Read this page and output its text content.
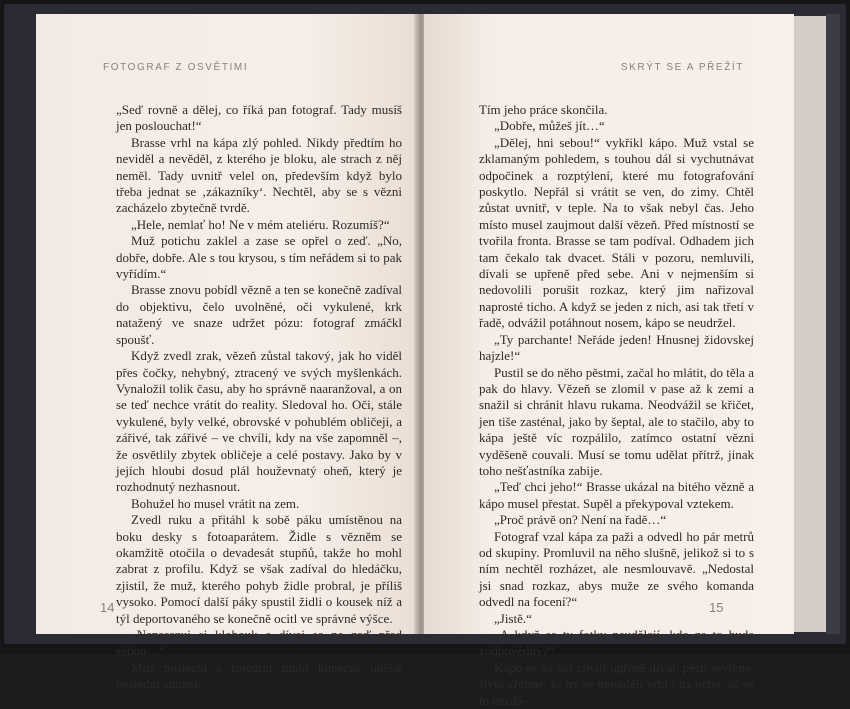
FOTOGRAF Z OSVĚTIMI

„Seď rovně a dělej, co říká pan fotograf. Tady musíš jen poslouchat!“

Brasse vrhl na kápa zlý pohled. Nikdy předtím ho neviděl a nevěděl, z kterého je bloku, ale strach z něj neměl. Tady uvnitř velel on, především když bylo třeba jednat se ‚zákazníky‘. Nechtěl, aby se s vězni zacházelo zbytečně tvrdě.

„Hele, nemlať ho! Ne v mém ateliéru. Rozumíš?“

Muž potichu zaklel a zase se opřel o zeď. „No, dobře, dobře. Ale s tou krysou, s tím neřádem si to pak vyřídím.“

Brasse znovu pobídl vězně a ten se konečně zadíval do objektivu, čelo uvolněné, oči vykulené, krk natažený ve snaze udržet pózu: fotograf zmáčkl spoušť.

Když zvedl zrak, vězeň zůstal takový, jak ho viděl přes čočky, nehybný, ztracený ve svých myšlenkách. Vynaložil tolik času, aby ho správně naaranžoval, a on se teď nechce vrátit do reality. Sledoval ho. Oči, stále vykulené, byly velké, obrovské v pohublém obličeji, a zářivé, tak zářivé – ve chvíli, kdy na vše zapomněl –, že osvětlily zbytek obličeje a celé postavy. Jako by v jejích hloubi dosud plál houževnatý oheň, který je rozhodnutý nezhasnout.

Bohužel ho musel vrátit na zem.

Zvedl ruku a přitáhl k sobě páku umístěnou na boku desky s fotoaparátem. Židle s vězněm se okamžitě otočila o devadesát stupňů, takže ho mohl zabrat z profilu. Když se však zadíval do hledáčku, zjistil, že muž, kterého pohyb židle probral, je příliš vysoko. Pomocí další páky spustil židli o kousek níž a týl deportovaného se konečně ocitl ve správné výšce.

„Nenasazuj si klobouk a dívej se na zeď před sebou…“

Muž poslechl a fotograf mohl konečně udělat poslední snímek.

14
SKRÝT SE A PŘEŽÍT

Tím jeho práce skončila.

„Dobře, můžeš jít…“

„Dělej, hni sebou!“ vykřikl kápo. Muž vstal se zklamaným pohledem, s touhou dál si vychutnávat odpočinek a rozptýlení, které mu fotografování poskytlo. Nepřál si vrátit se ven, do zimy. Chtěl zůstat uvnitř, v teple. Na to však nebyl čas. Jeho místo musel zaujmout další vězeň. Před místností se tvořila fronta. Brasse se tam podíval. Odhadem jich tam čekalo tak dvacet. Stáli v pozoru, nemluvili, dívali se upřeně před sebe. Ani v nejmenším si nedovolili porušit rozkaz, který jim nařizoval naprosté ticho. A když se jeden z nich, asi tak třetí v řadě, odvážil potáhnout nosem, kápo se neudržel.

„Ty parchante! Neřáde jeden! Hnusnej židovskej hajzle!“

Pustil se do něho pěstmi, začal ho mlátit, do těla a pak do hlavy. Vězeň se zlomil v pase až k zemi a snažil si chránit hlavu rukama. Neodvážil se křičet, jen tiše zasténal, jako by šeptal, ale to stačilo, aby to kápa ještě víc rozpálilo, zatímco ostatní vězni vyděšeně couvali. Musí se tomu udělat přítrž, jinak toho nešťastníka zabije.

„Teď chci jeho!“ Brasse ukázal na bitého vězně a kápo musel přestat. Supěl a překypoval vztekem.

„Proč právě on? Není na řadě…“

Fotograf vzal kápa za paži a odvedl ho pár metrů od skupiny. Promluvil na něho slušně, jelikož si to s ním nechtěl rozházet, ale nesmlouvavě. „Nedostal jsi snad rozkaz, abys muže ze svého komanda odvedl na focení?“

„Jistě.“

„A když se ty fotky neudělají, kdo za to bude zodpovědný?“

Kápo se na něj chvíli upřeně díval, pěsti sevřené. Bylo zřejmé, že by se nejraději vrhl i na něho: ač se to nezdá-

15
